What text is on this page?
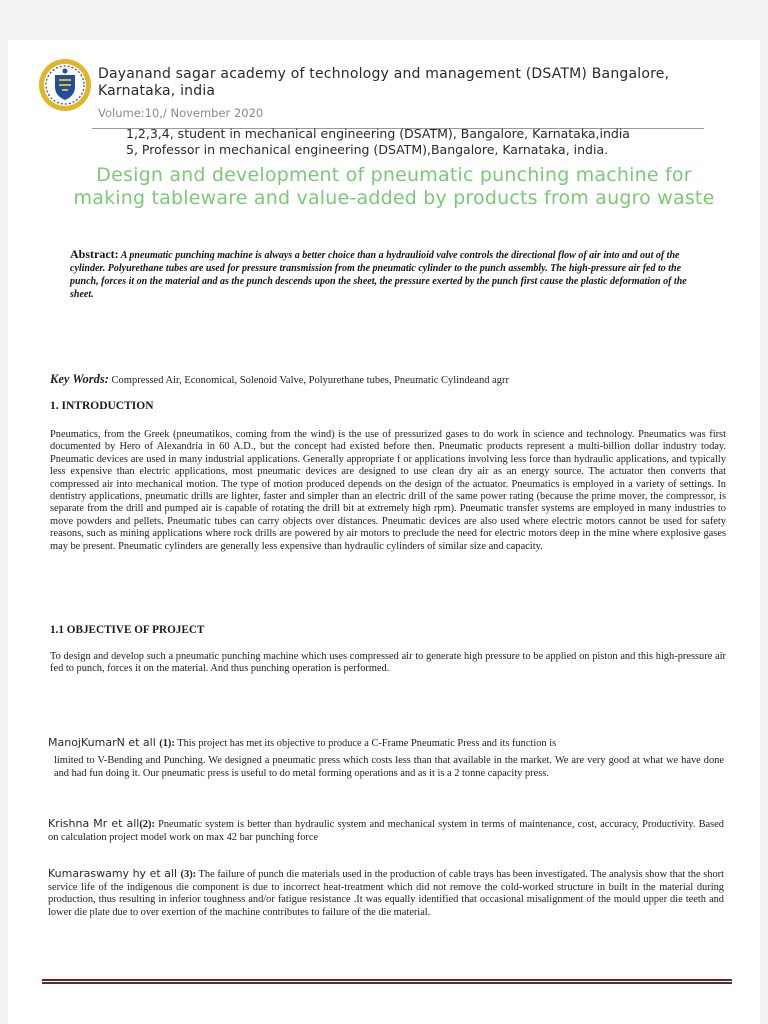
Dayanand sagar academy of technology and management (DSATM) Bangalore, Karnataka, india

Volume:10,/ November 2020

1,2,3,4, student in mechanical engineering (DSATM), Bangalore, Karnataka,india
5, Professor in mechanical engineering (DSATM),Bangalore, Karnataka, india.
Design and development of pneumatic punching machine for making tableware and value-added by products from augro waste

Abstract: A pneumatic punching machine is always a better choice than a hydraulioid valve controls the directional flow of air into and out of the cylinder. Polyurethane tubes are used for pressure transmission from the pneumatic cylinder to the punch assembly. The high-pressure air fed to the punch, forces it on the material and as the punch descends upon the sheet, the pressure exerted by the punch first cause the plastic deformation of the sheet.

Key Words: Compressed Air, Economical, Solenoid Valve, Polyurethane tubes, Pneumatic Cylindeand agrr

1. INTRODUCTION

Pneumatics, from the Greek (pneumatikos, coming from the wind) is the use of pressurized gases to do work in science and technology. Pneumatics was first documented by Hero of Alexandria in 60 A.D., but the concept had existed before then. Pneumatic products represent a multi-billion dollar industry today. Pneumatic devices are used in many industrial applications. Generally appropriate f or applications involving less force than hydraulic applications, and typically less expensive than electric applications, most pneumatic devices are designed to use clean dry air as an energy source. The actuator then converts that compressed air into mechanical motion. The type of motion produced depends on the design of the actuator. Pneumatics is employed in a variety of settings. In dentistry applications, pneumatic drills are lighter, faster and simpler than an electric drill of the same power rating (because the prime mover, the compressor, is separate from the drill and pumped air is capable of rotating the drill bit at extremely high rpm). Pneumatic transfer systems are employed in many industries to move powders and pellets. Pneumatic tubes can carry objects over distances. Pneumatic devices are also used where electric motors cannot be used for safety reasons, such as mining applications where rock drills are powered by air motors to preclude the need for electric motors deep in the mine where explosive gases may be present. Pneumatic cylinders are generally less expensive than hydraulic cylinders of similar size and capacity.

1.1 OBJECTIVE OF PROJECT

To design and develop such a pneumatic punching machine which uses compressed air to generate high pressure to be applied on piston and this high-pressure air fed to punch, forces it on the material. And thus punching operation is performed.

ManojKumarN et all (1): This project has met its objective to produce a C-Frame Pneumatic Press and its function is

limited to V-Bending and Punching. We designed a pneumatic press which costs less than that available in the market. We are very good at what we have done and had fun doing it. Our pneumatic press is useful to do metal forming operations and as it is a 2 tonne capacity press.

Krishna Mr et all(2): Pneumatic system is better than hydraulic system and mechanical system in terms of maintenance, cost, accuracy, Productivity. Based on calculation project model work on max 42 bar punching force

Kumaraswamy hy et all (3): The failure of punch die materials used in the production of cable trays has been investigated. The analysis show that the short service life of the indigenous die component is due to incorrect heat-treatment which did not remove the cold-worked structure in built in the material during production, thus resulting in inferior toughness and/or fatigue resistance .It was equally identified that occasional misalignment of the mould upper die teeth and lower die plate due to over exertion of the machine contributes to failure of the die material.
